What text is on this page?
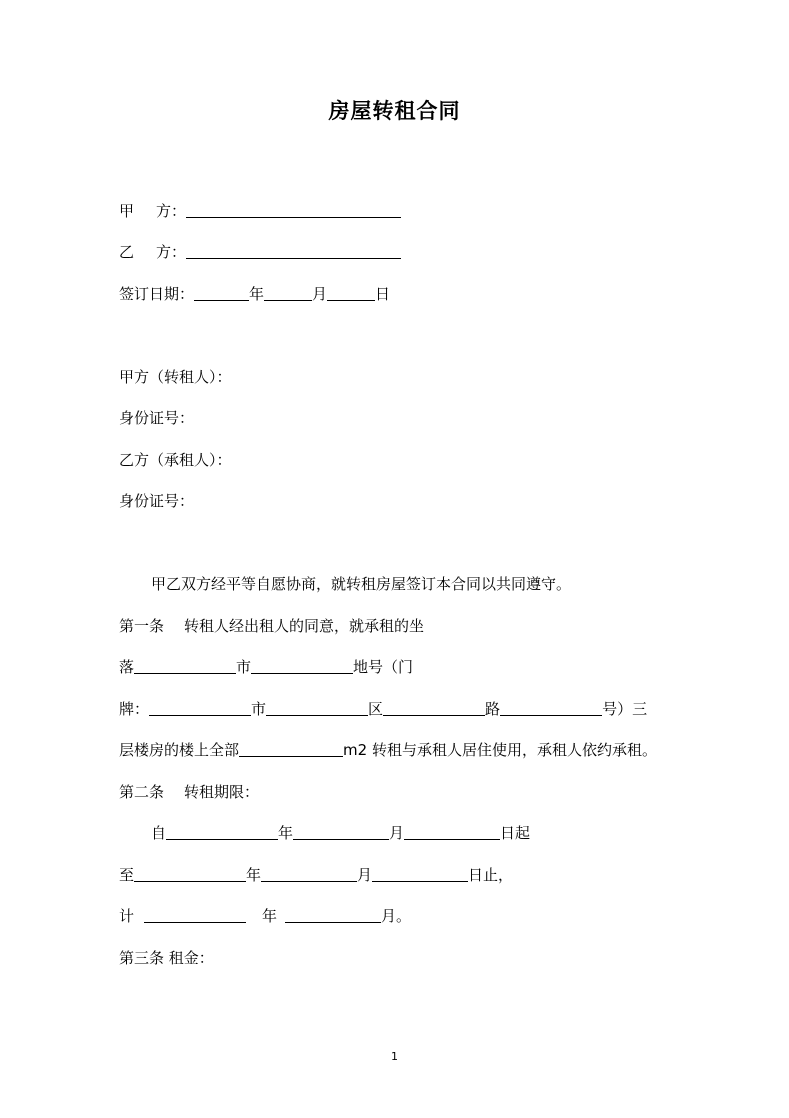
房屋转租合同
甲 方：
乙 方：
签订日期：	年	月	日
甲方（转租人）：
身份证号：
乙方（承租人）：
身份证号：
甲乙双方经平等自愿协商，就转租房屋签订本合同以共同遵守。
第一条 转租人经出租人的同意，就承租的坐
落	市	地号（门
牌：	市	区	路	号）三
层楼房的楼上全部	m2 转租与承租人居住使用，承租人依约承租。
第二条 转租期限：
自	年	月	日起
至	年	月	日止，
计	年	月。
第三条 租金：
1
